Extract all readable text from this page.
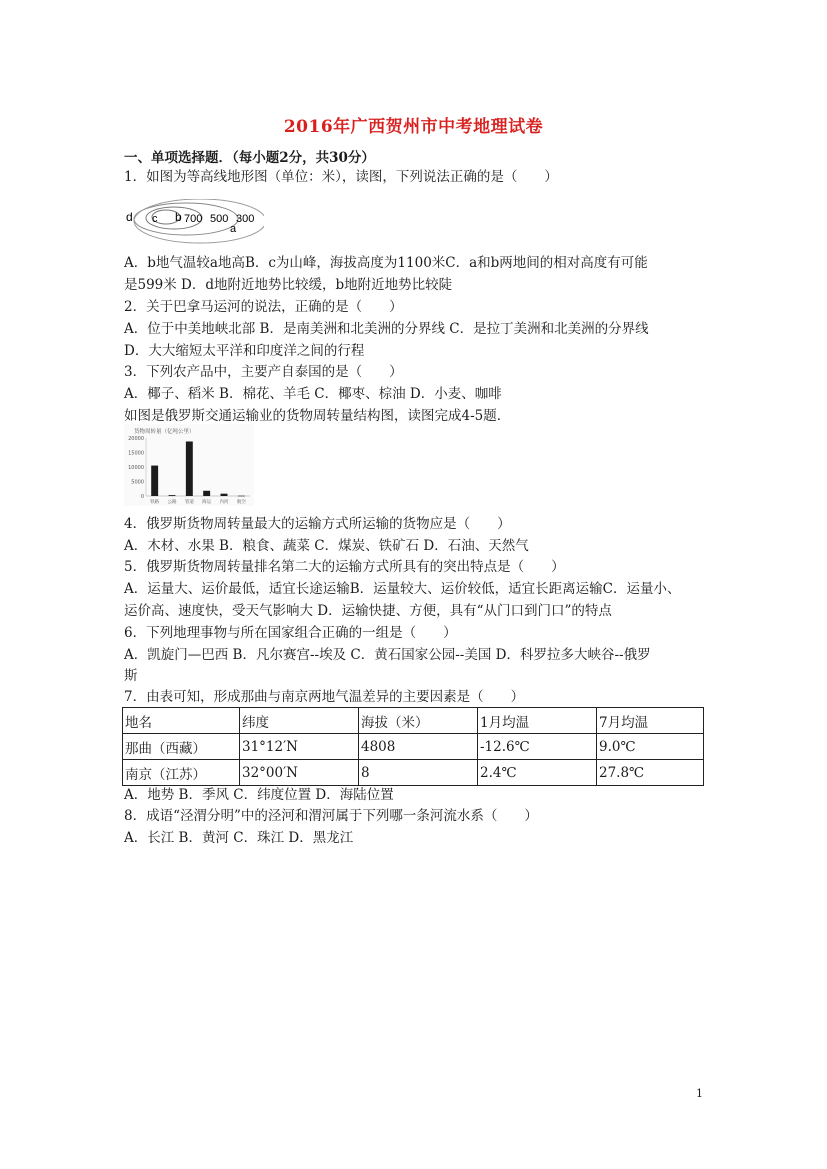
2016年广西贺州市中考地理试卷
一、单项选择题．（每小题2分，共30分）
1．如图为等高线地形图（单位：米），读图，下列说法正确的是（　　）
d c b 700 500 300
a
A．b地气温较a地高B．c为山峰，海拔高度为1100米C．a和b两地间的相对高度有可能
是599米 D．d地附近地势比较缓，b地附近地势比较陡
2．关于巴拿马运河的说法，正确的是（　　）
A．位于中美地峡北部 B．是南美洲和北美洲的分界线 C．是拉丁美洲和北美洲的分界线
D．大大缩短太平洋和印度洋之间的行程
3．下列农产品中，主要产自泰国的是（　　）
A．椰子、稻米 B．棉花、羊毛 C．椰枣、棕油 D．小麦、咖啡
如图是俄罗斯交通运输业的货物周转量结构图，读图完成4-5题．
货物周转量（亿吨公里）
20000
15000
10000
5000
0
铁路 公路 管道 海运 内河 航空
4．俄罗斯货物周转量最大的运输方式所运输的货物应是（　　）
A．木材、水果 B．粮食、蔬菜 C．煤炭、铁矿石 D．石油、天然气
5．俄罗斯货物周转量排名第二大的运输方式所具有的突出特点是（　　）
A．运量大、运价最低，适宜长途运输B．运量较大、运价较低，适宜长距离运输C．运量小、
运价高、速度快，受天气影响大 D．运输快捷、方便，具有“从门口到门口”的特点
6．下列地理事物与所在国家组合正确的一组是（　　）
A．凯旋门—巴西 B．凡尔赛宫--埃及 C．黄石国家公园--美国 D．科罗拉多大峡谷--俄罗
斯
7．由表可知，形成那曲与南京两地气温差异的主要因素是（　　）
地名	纬度	海拔（米）	1月均温	7月均温
那曲（西藏）	31°12′N	4808	-12.6℃	9.0℃
南京（江苏）	32°00′N	8	2.4℃	27.8℃
A．地势 B．季风 C．纬度位置 D．海陆位置
8．成语“泾渭分明”中的泾河和渭河属于下列哪一条河流水系（　　）
A．长江 B．黄河 C．珠江 D．黑龙江
1
